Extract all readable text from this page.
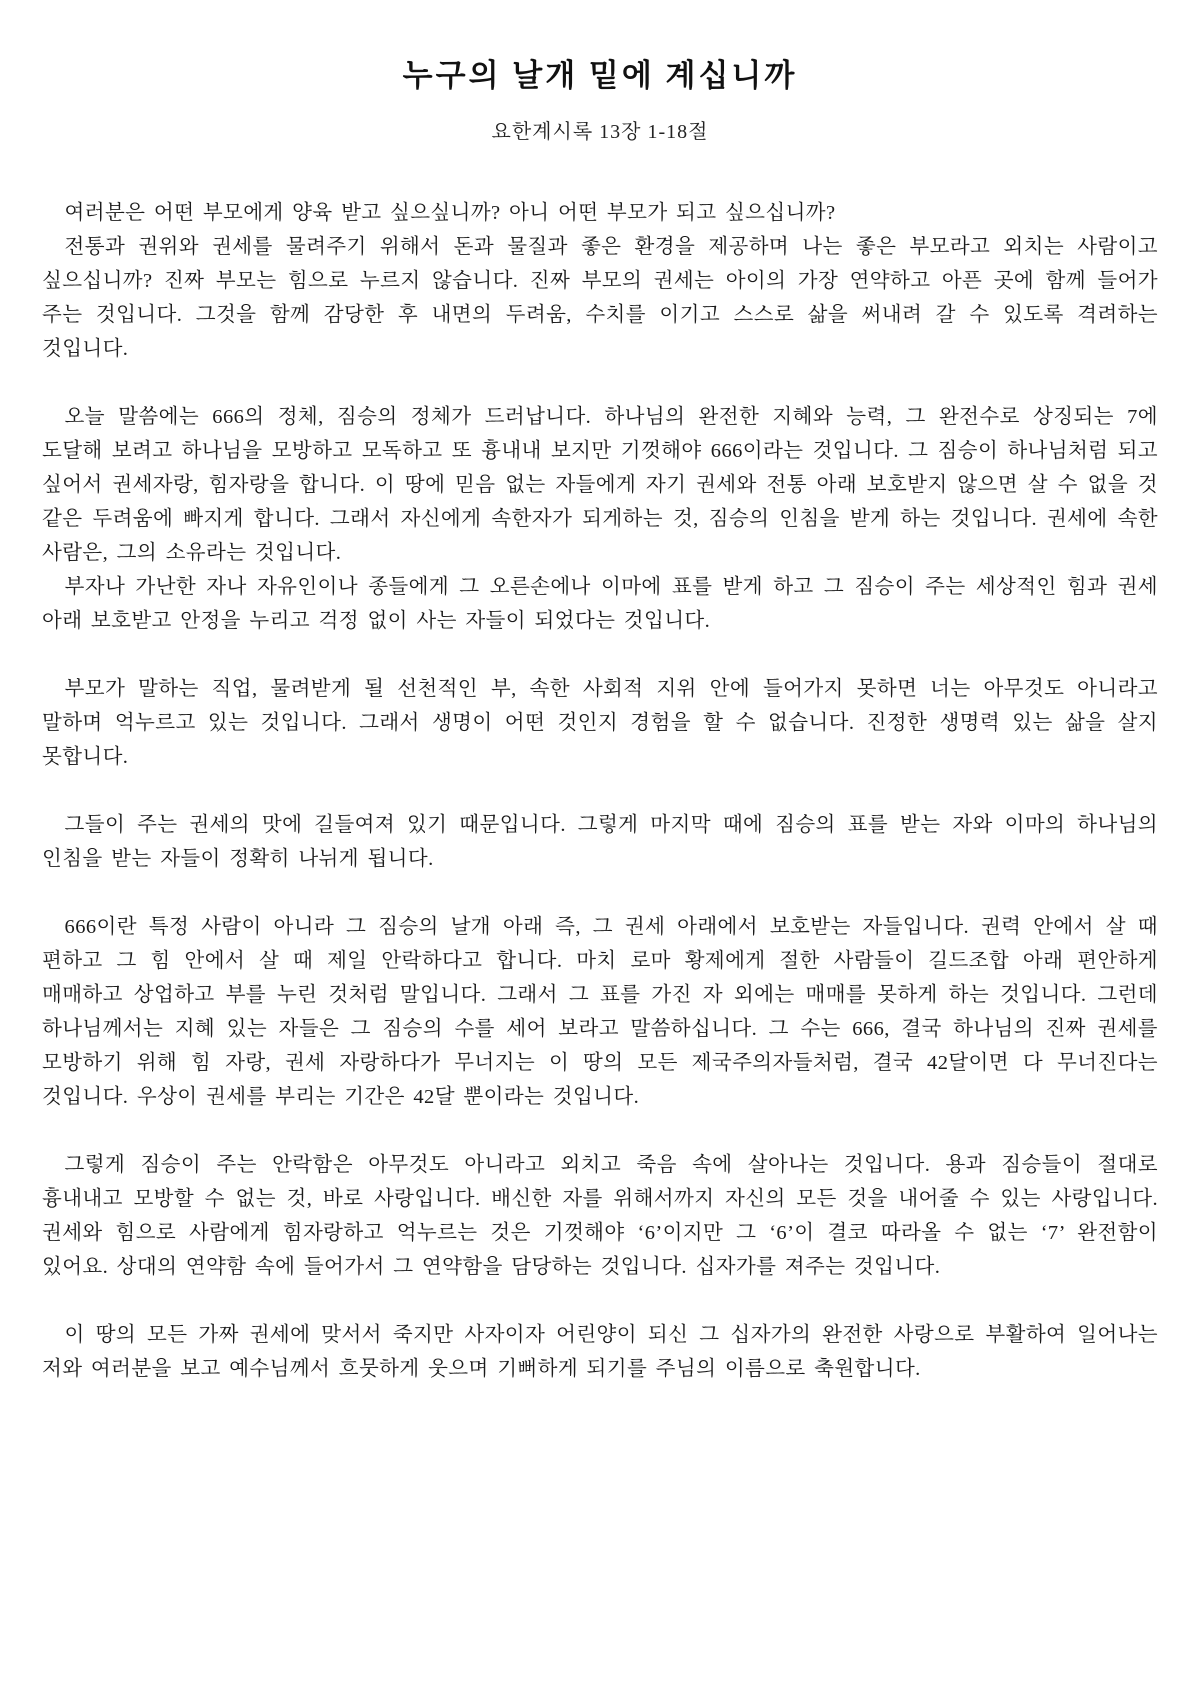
누구의 날개 밑에 계십니까
요한계시록 13장 1-18절

여러분은 어떤 부모에게 양육 받고 싶으싶니까? 아니 어떤 부모가 되고 싶으십니까?

전통과 권위와 권세를 물려주기 위해서 돈과 물질과 좋은 환경을 제공하며 나는 좋은 부모라고 외치는 사람이고 싶으십니까? 진짜 부모는 힘으로 누르지 않습니다. 진짜 부모의 권세는 아이의 가장 연약하고 아픈 곳에 함께 들어가 주는 것입니다. 그것을 함께 감당한 후 내면의 두려움, 수치를 이기고 스스로 삶을 써내려 갈 수 있도록 격려하는 것입니다.

오늘 말씀에는 666의 정체, 짐승의 정체가 드러납니다. 하나님의 완전한 지혜와 능력, 그 완전수로 상징되는 7에 도달해 보려고 하나님을 모방하고 모독하고 또 흉내내 보지만 기껏해야 666이라는 것입니다. 그 짐승이 하나님처럼 되고 싶어서 권세자랑, 힘자랑을 합니다. 이 땅에 믿음 없는 자들에게 자기 권세와 전통 아래 보호받지 않으면 살 수 없을 것 같은 두려움에 빠지게 합니다. 그래서 자신에게 속한자가 되게하는 것, 짐승의 인침을 받게 하는 것입니다. 권세에 속한 사람은, 그의 소유라는 것입니다.

부자나 가난한 자나 자유인이나 종들에게 그 오른손에나 이마에 표를 받게 하고 그 짐승이 주는 세상적인 힘과 권세 아래 보호받고 안정을 누리고 걱정 없이 사는 자들이 되었다는 것입니다.

부모가 말하는 직업, 물려받게 될 선천적인 부, 속한 사회적 지위 안에 들어가지 못하면 너는 아무것도 아니라고 말하며 억누르고 있는 것입니다. 그래서 생명이 어떤 것인지 경험을 할 수 없습니다. 진정한 생명력 있는 삶을 살지 못합니다.

그들이 주는 권세의 맛에 길들여져 있기 때문입니다. 그렇게 마지막 때에 짐승의 표를 받는 자와 이마의 하나님의 인침을 받는 자들이 정확히 나뉘게 됩니다.

666이란 특정 사람이 아니라 그 짐승의 날개 아래 즉, 그 권세 아래에서 보호받는 자들입니다. 권력 안에서 살 때 편하고 그 힘 안에서 살 때 제일 안락하다고 합니다. 마치 로마 황제에게 절한 사람들이 길드조합 아래 편안하게 매매하고 상업하고 부를 누린 것처럼 말입니다. 그래서 그 표를 가진 자 외에는 매매를 못하게 하는 것입니다. 그런데 하나님께서는 지혜 있는 자들은 그 짐승의 수를 세어 보라고 말씀하십니다. 그 수는 666, 결국 하나님의 진짜 권세를 모방하기 위해 힘 자랑, 권세 자랑하다가 무너지는 이 땅의 모든 제국주의자들처럼, 결국 42달이면 다 무너진다는 것입니다. 우상이 권세를 부리는 기간은 42달 뿐이라는 것입니다.

그렇게 짐승이 주는 안락함은 아무것도 아니라고 외치고 죽음 속에 살아나는 것입니다. 용과 짐승들이 절대로 흉내내고 모방할 수 없는 것, 바로 사랑입니다. 배신한 자를 위해서까지 자신의 모든 것을 내어줄 수 있는 사랑입니다. 권세와 힘으로 사람에게 힘자랑하고 억누르는 것은 기껏해야 ‘6’이지만 그 ‘6’이 결코 따라올 수 없는 ‘7’ 완전함이 있어요. 상대의 연약함 속에 들어가서 그 연약함을 담당하는 것입니다. 십자가를 져주는 것입니다.

이 땅의 모든 가짜 권세에 맞서서 죽지만 사자이자 어린양이 되신 그 십자가의 완전한 사랑으로 부활하여 일어나는 저와 여러분을 보고 예수님께서 흐뭇하게 웃으며 기뻐하게 되기를 주님의 이름으로 축원합니다.
